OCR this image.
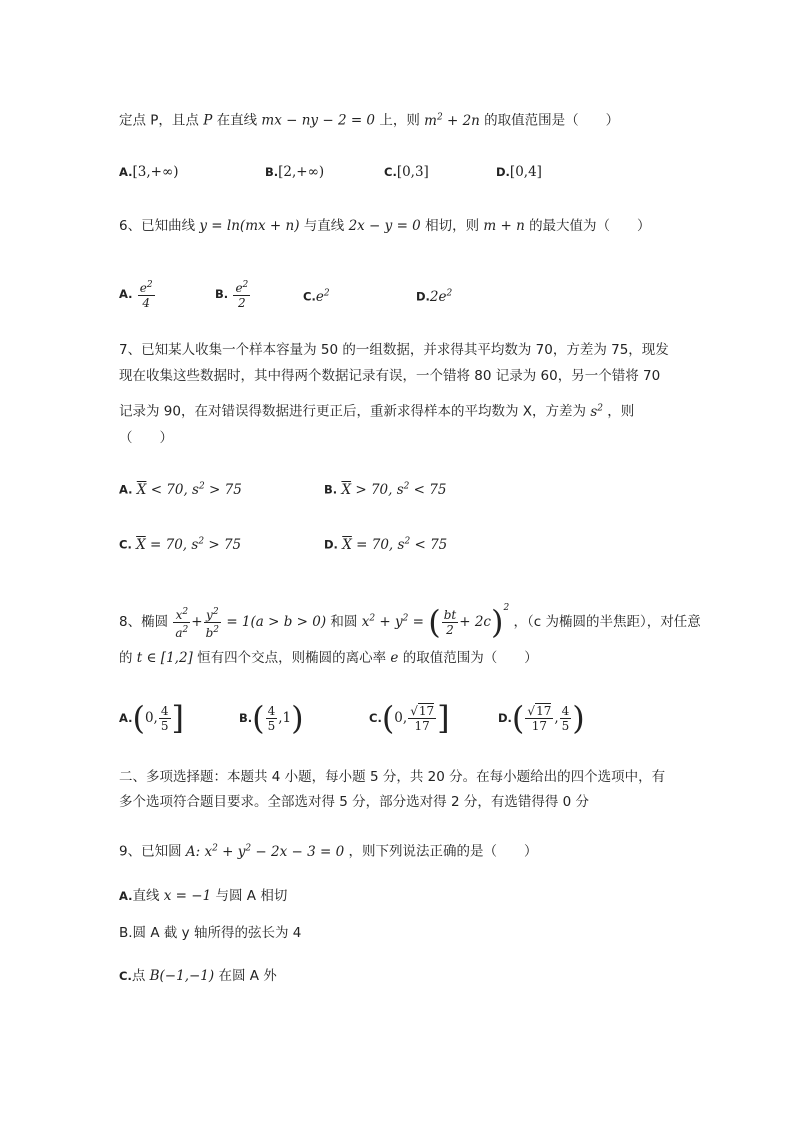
定点 P，且点 P 在直线 mx − ny − 2 = 0 上，则 $m^2 + 2n$ 的取值范围是（　　）
A.[3,+∞)	B.[2,+∞)	C.[0,3]	D.[0,4]
6、已知曲线 y = ln(mx + n) 与直线 2x − y = 0 相切，则 m + n 的最大值为（　　）
A. $\frac{e^2}{4}$	B. $\frac{e^2}{2}$	$C.e^2$	$D.2e^2$
7、已知某人收集一个样本容量为 50 的一组数据，并求得其平均数为 70，方差为 75，现发
现在收集这些数据时，其中得两个数据记录有误，一个错将 80 记录为 60，另一个错将 70
记录为 90，在对错误得数据进行更正后，重新求得样本的平均数为 X，方差为 $s^2$ ，则
（　　）
A. $\overline{X} < 70$, $s^2 > 75$	B. $\overline{X} > 70$, $s^2 < 75$
C. $\overline{X} = 70$, $s^2 > 75$	D. $\overline{X} = 70$, $s^2 < 75$
8、椭圆 $\frac{x^2}{a^2} + \frac{y^2}{b^2} = 1(a > b > 0)$ 和圆 $x^2 + y^2$ = ( $\frac{bt}{2} + 2c)^2$ ，（c 为椭圆的半焦距），对任意
的 t ∈ [1,2] 恒有四个交点，则椭圆的离心率 e 的取值范围为（　　）
A.(0, $\frac{4}{5}$ ]	$B.( \frac{4}{5} ,1)$	C.(0, $\frac{√17}{17}$ ]	$D.( \frac{√17}{17}$ , $\frac{4}{5}$ )
二、多项选择题：本题共 4 小题，每小题 5 分，共 20 分。在每小题给出的四个选项中，有
多个选项符合题目要求。全部选对得 5 分，部分选对得 2 分，有选错得得 0 分
9、已知圆 A: $x^2 + y^2 - 2x - 3 = 0$ ，则下列说法正确的是（　　）
A.直线 x = −1 与圆 A 相切
B.圆 A 截 y 轴所得的弦长为 4
C.点 B(−1,−1) 在圆 A 外
